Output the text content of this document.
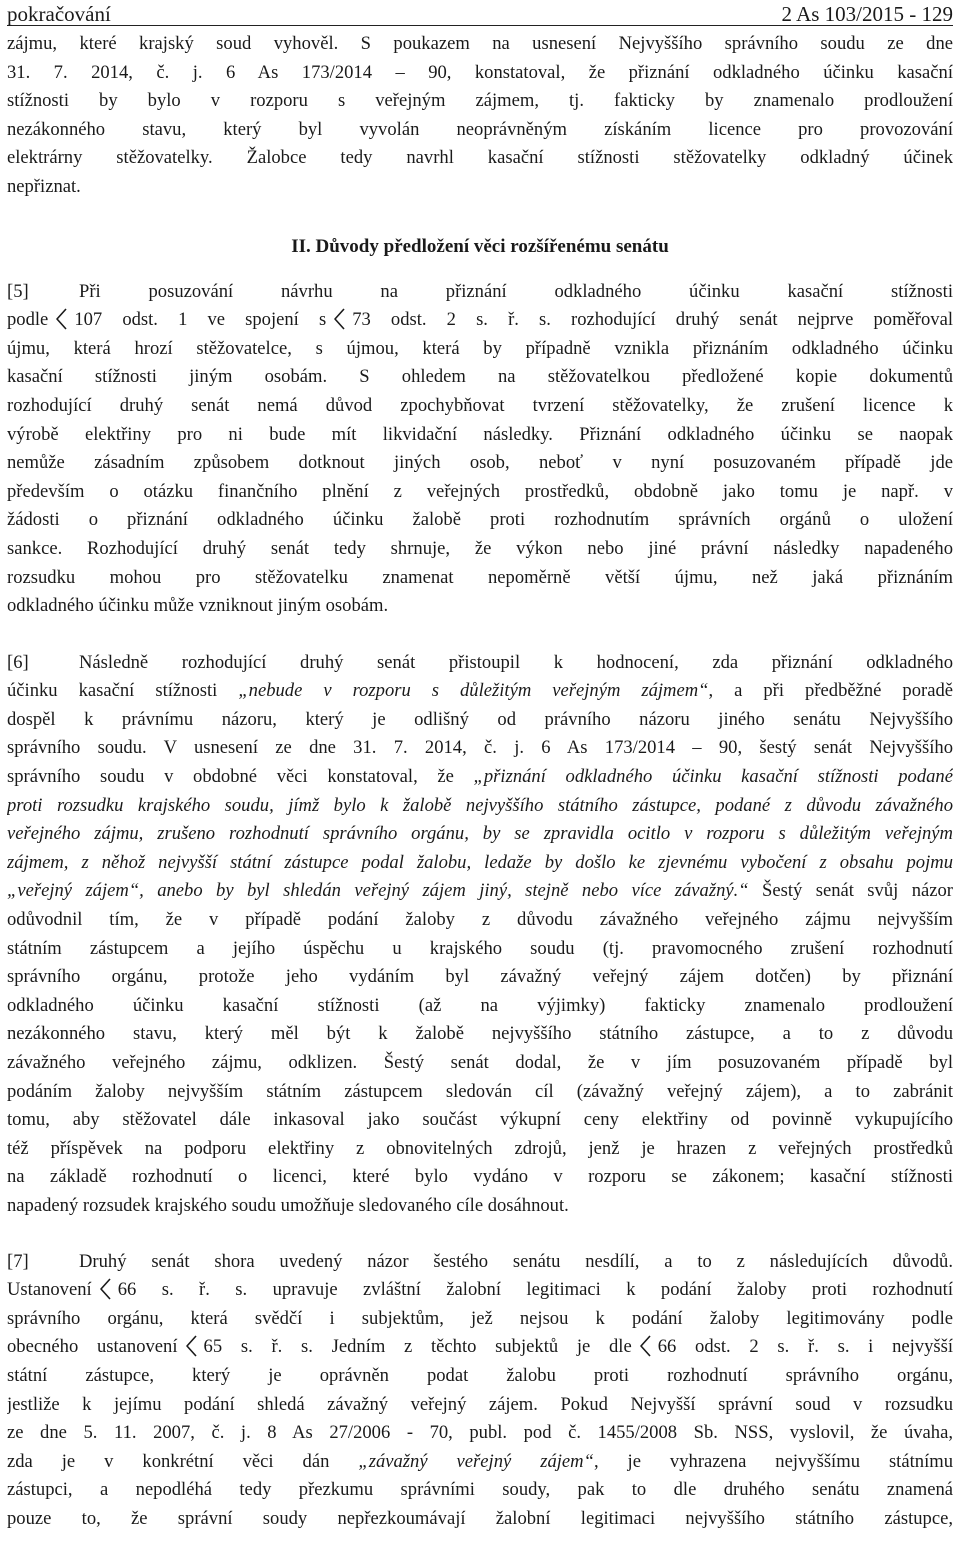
pokračování	2 As 103/2015 - 129
zájmu, které krajský soud vyhověl. S poukazem na usnesení Nejvyššího správního soudu ze dne
31. 7. 2014, č. j. 6 As 173/2014 – 90, konstatoval, že přiznání odkladného účinku kasační
stížnosti by bylo v rozporu s veřejným zájmem, tj. fakticky by znamenalo prodloužení
nezákonného stavu, který byl vyvolán neoprávněným získáním licence pro provozování
elektrárny stěžovatelky. Žalobce tedy navrhl kasační stížnosti stěžovatelky odkladný účinek
nepřiznat.
II. Důvody předložení věci rozšířenému senátu
[5]	Při posuzování návrhu na přiznání odkladného účinku kasační stížnosti
podle 107 odst. 1 ve spojení s 73 odst. 2 s. ř. s. rozhodující druhý senát nejprve poměřoval
újmu, která hrozí stěžovatelce, s újmou, která by případně vznikla přiznáním odkladného účinku
kasační stížnosti jiným osobám. S ohledem na stěžovatelkou předložené kopie dokumentů
rozhodující druhý senát nemá důvod zpochybňovat tvrzení stěžovatelky, že zrušení licence k
výrobě elektřiny pro ni bude mít likvidační následky. Přiznání odkladného účinku se naopak
nemůže zásadním způsobem dotknout jiných osob, neboť v nyní posuzovaném případě jde
především o otázku finančního plnění z veřejných prostředků, obdobně jako tomu je např. v
žádosti o přiznání odkladného účinku žalobě proti rozhodnutím správních orgánů o uložení
sankce. Rozhodující druhý senát tedy shrnuje, že výkon nebo jiné právní následky napadeného
rozsudku mohou pro stěžovatelku znamenat nepoměrně větší újmu, než jaká přiznáním
odkladného účinku může vzniknout jiným osobám.
[6]	Následně rozhodující druhý senát přistoupil k hodnocení, zda přiznání odkladného
účinku kasační stížnosti „nebude v rozporu s důležitým veřejným zájmem“, a při předběžné poradě
dospěl k právnímu názoru, který je odlišný od právního názoru jiného senátu Nejvyššího
správního soudu. V usnesení ze dne 31. 7. 2014, č. j. 6 As 173/2014 – 90, šestý senát Nejvyššího
správního soudu v obdobné věci konstatoval, že „přiznání odkladného účinku kasační stížnosti podané
proti rozsudku krajského soudu, jímž bylo k žalobě nejvyššího státního zástupce, podané z důvodu závažného
veřejného zájmu, zrušeno rozhodnutí správního orgánu, by se zpravidla ocitlo v rozporu s důležitým veřejným
zájmem, z něhož nejvyšší státní zástupce podal žalobu, ledaže by došlo ke zjevnému vybočení z obsahu pojmu
„veřejný zájem“, anebo by byl shledán veřejný zájem jiný, stejně nebo více závažný.“ Šestý senát svůj názor
odůvodnil tím, že v případě podání žaloby z důvodu závažného veřejného zájmu nejvyšším
státním zástupcem a jejího úspěchu u krajského soudu (tj. pravomocného zrušení rozhodnutí
správního orgánu, protože jeho vydáním byl závažný veřejný zájem dotčen) by přiznání
odkladného účinku kasační stížnosti (až na výjimky) fakticky znamenalo prodloužení
nezákonného stavu, který měl být k žalobě nejvyššího státního zástupce, a to z důvodu
závažného veřejného zájmu, odklizen. Šestý senát dodal, že v jím posuzovaném případě byl
podáním žaloby nejvyšším státním zástupcem sledován cíl (závažný veřejný zájem), a to zabránit
tomu, aby stěžovatel dále inkasoval jako součást výkupní ceny elektřiny od povinně vykupujícího
též příspěvek na podporu elektřiny z obnovitelných zdrojů, jenž je hrazen z veřejných prostředků
na základě rozhodnutí o licenci, které bylo vydáno v rozporu se zákonem; kasační stížnosti
napadený rozsudek krajského soudu umožňuje sledovaného cíle dosáhnout.
[7]	Druhý senát shora uvedený názor šestého senátu nesdílí, a to z následujících důvodů.
Ustanovení 66 s. ř. s. upravuje zvláštní žalobní legitimaci k podání žaloby proti rozhodnutí
správního orgánu, která svědčí i subjektům, jež nejsou k podání žaloby legitimovány podle
obecného ustanovení 65 s. ř. s. Jedním z těchto subjektů je dle 66 odst. 2 s. ř. s. i nejvyšší
státní zástupce, který je oprávněn podat žalobu proti rozhodnutí správního orgánu,
jestliže k jejímu podání shledá závažný veřejný zájem. Pokud Nejvyšší správní soud v rozsudku
ze dne 5. 11. 2007, č. j. 8 As 27/2006 - 70, publ. pod č. 1455/2008 Sb. NSS, vyslovil, že úvaha,
zda je v konkrétní věci dán „závažný veřejný zájem“, je vyhrazena nejvyššímu státnímu
zástupci, a nepodléhá tedy přezkumu správními soudy, pak to dle druhého senátu znamená
pouze to, že správní soudy nepřezkoumávají žalobní legitimaci nejvyššího státního zástupce,
